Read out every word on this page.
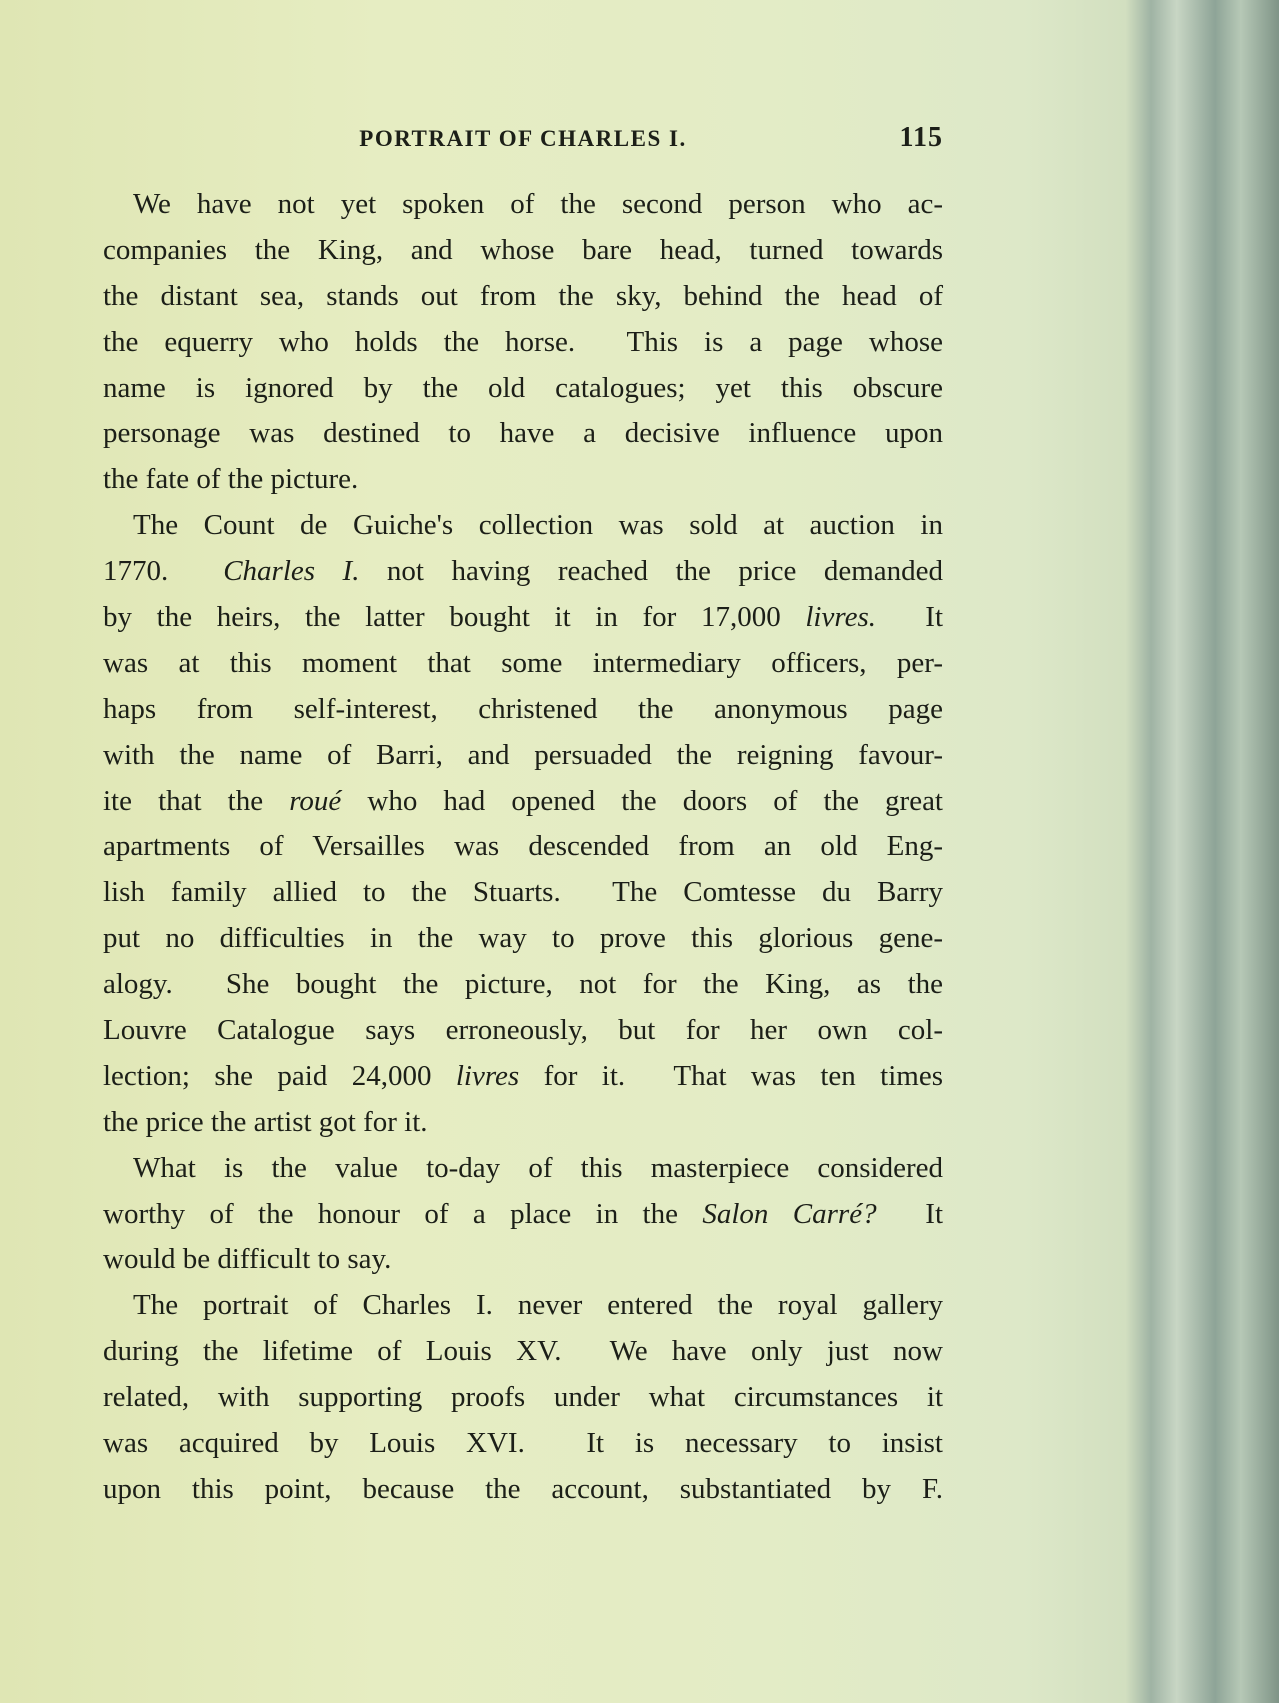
PORTRAIT OF CHARLES I.	115
We have not yet spoken of the second person who ac-
companies the King, and whose bare head, turned towards
the distant sea, stands out from the sky, behind the head of
the equerry who holds the horse.  This is a page whose
name is ignored by the old catalogues; yet this obscure
personage was destined to have a decisive influence upon
the fate of the picture.
The Count de Guiche's collection was sold at auction in
1770.  Charles I. not having reached the price demanded
by the heirs, the latter bought it in for 17,000 livres.  It
was at this moment that some intermediary officers, per-
haps from self-interest, christened the anonymous page
with the name of Barri, and persuaded the reigning favour-
ite that the roué who had opened the doors of the great
apartments of Versailles was descended from an old Eng-
lish family allied to the Stuarts.  The Comtesse du Barry
put no difficulties in the way to prove this glorious gene-
alogy.  She bought the picture, not for the King, as the
Louvre Catalogue says erroneously, but for her own col-
lection; she paid 24,000 livres for it.  That was ten times
the price the artist got for it.
What is the value to-day of this masterpiece considered
worthy of the honour of a place in the Salon Carré?  It
would be difficult to say.
The portrait of Charles I. never entered the royal gallery
during the lifetime of Louis XV.  We have only just now
related, with supporting proofs under what circumstances it
was acquired by Louis XVI.  It is necessary to insist
upon this point, because the account, substantiated by F.
